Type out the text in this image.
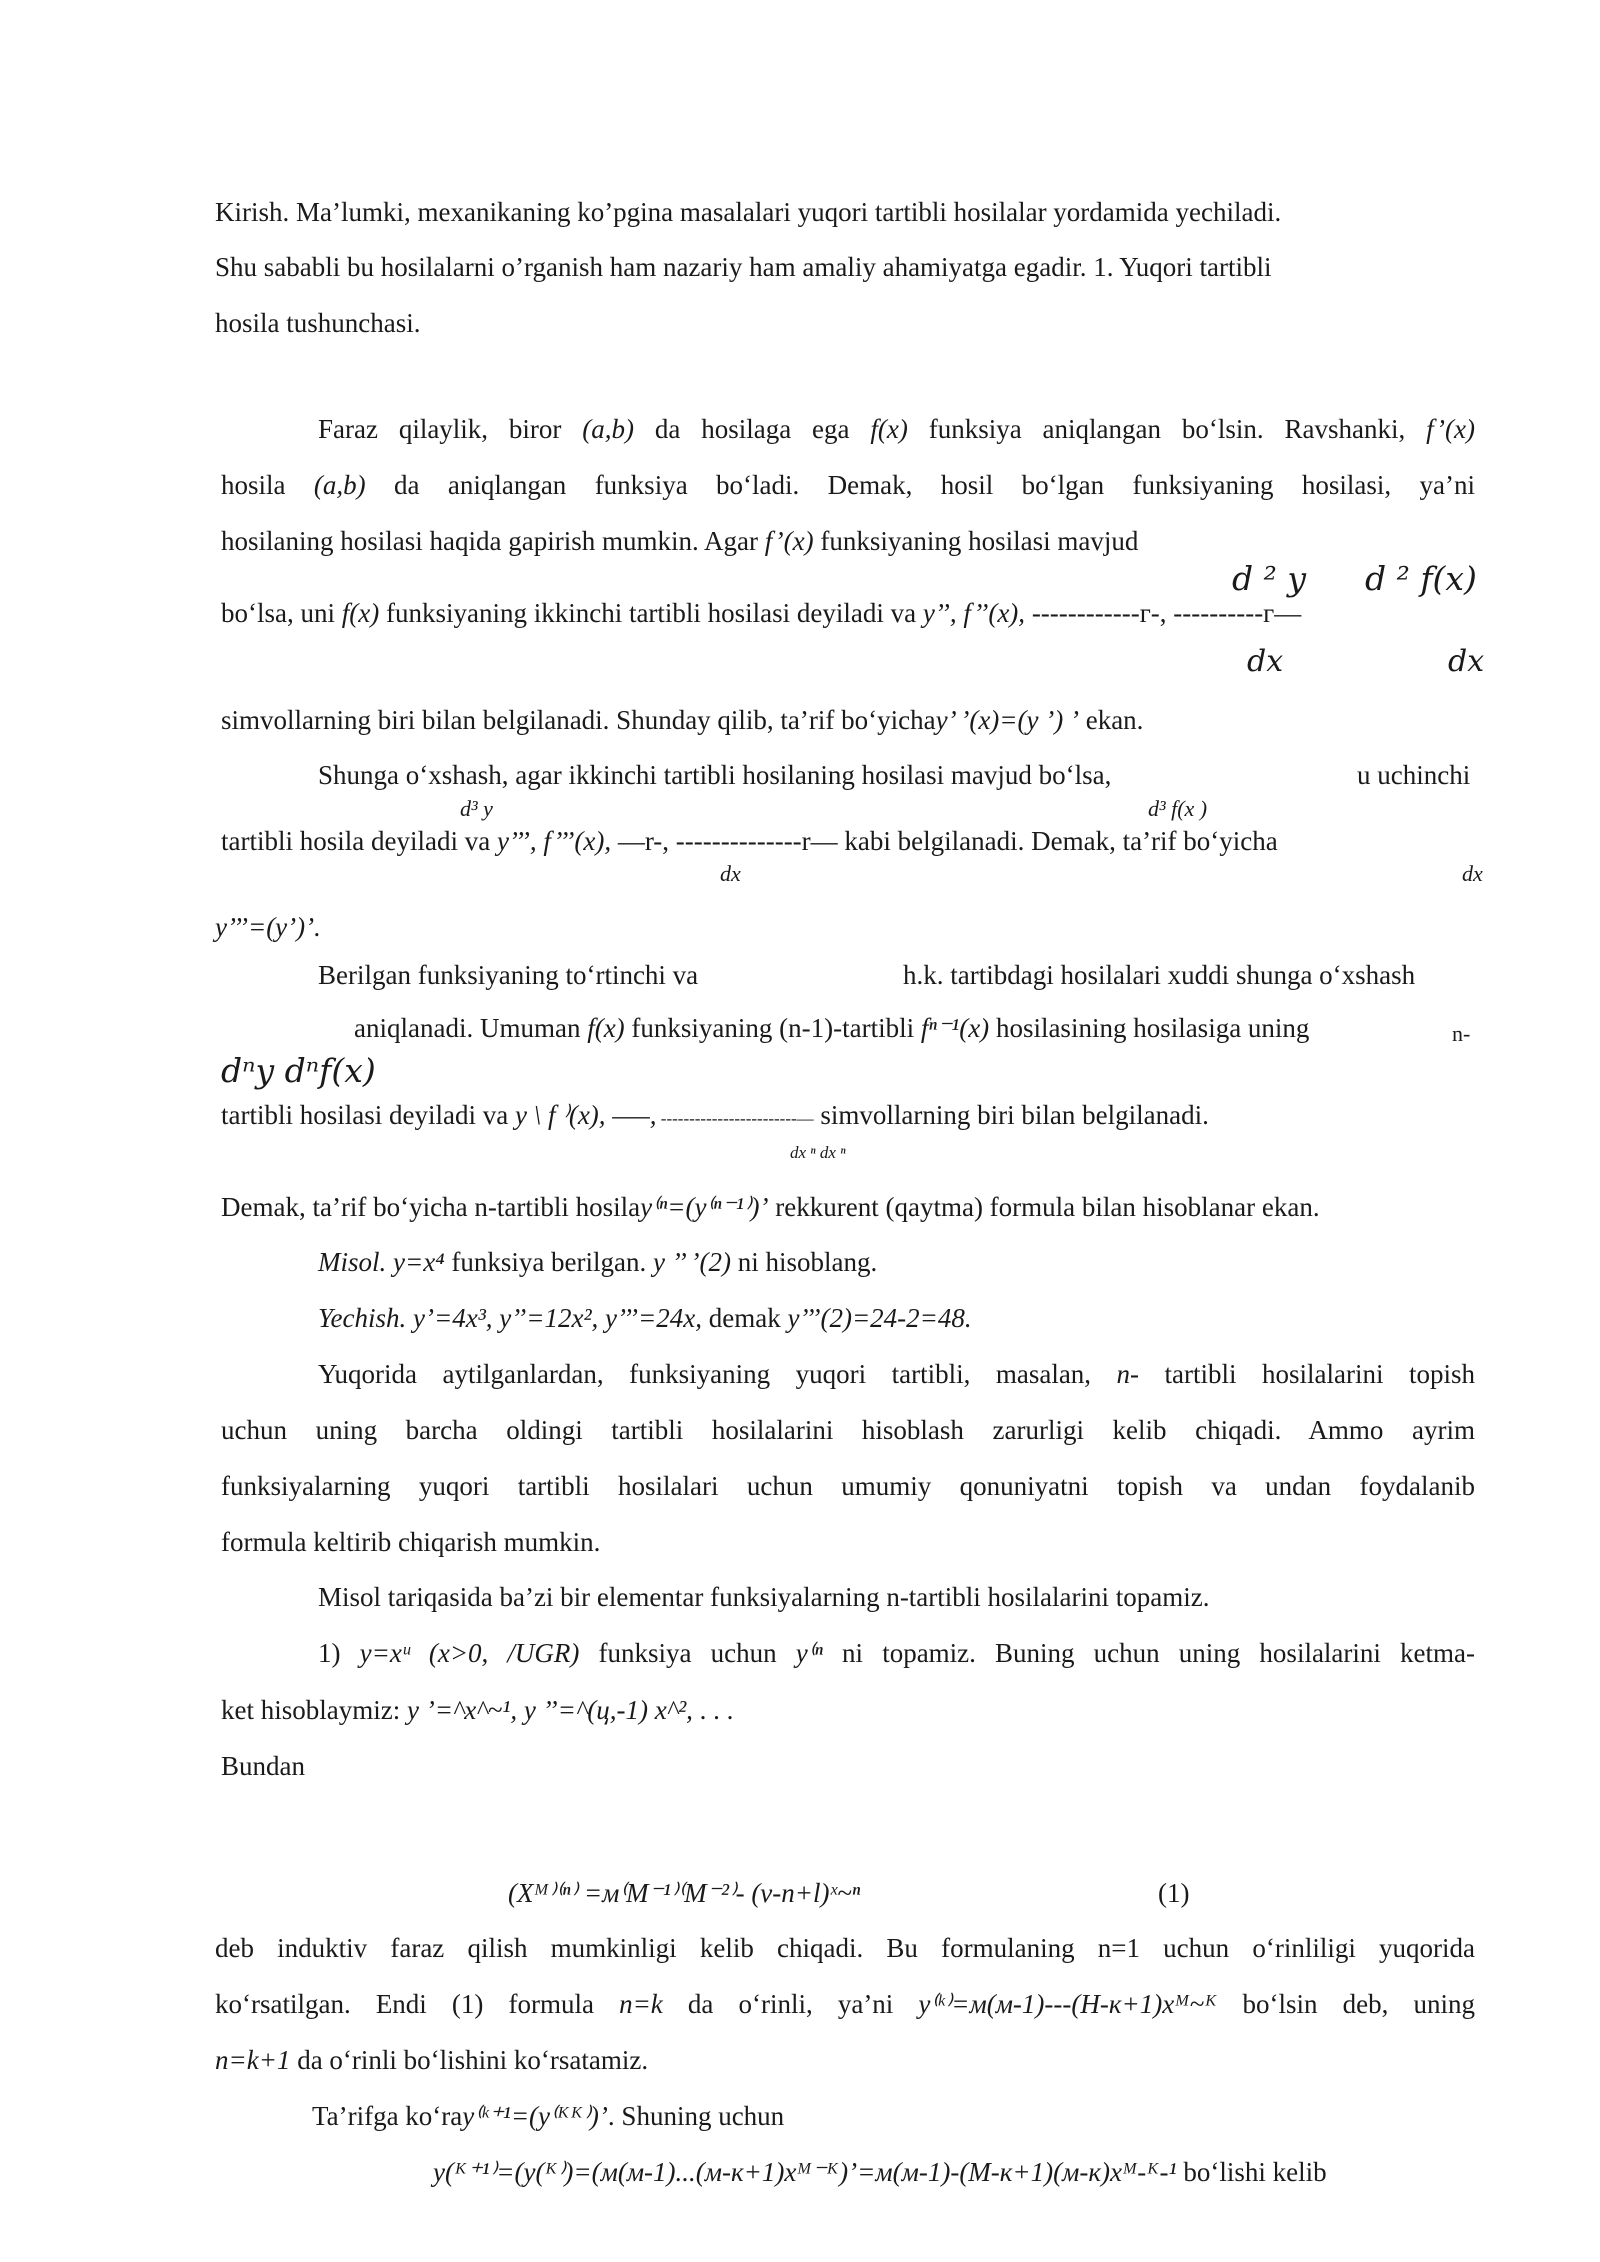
Kirish. Ma’lumki, mexanikaning ko’pgina masalalari yuqori tartibli hosilalar yordamida yechiladi.
Shu sababli bu hosilalarni o’rganish ham nazariy ham amaliy ahamiyatga egadir. 1. Yuqori tartibli
hosila tushunchasi.
Faraz qilaylik, biror (a,b) da hosilaga ega f(x) funksiya aniqlangan bo‘lsin. Ravshanki, f’(x)
hosila (a,b) da aniqlangan funksiya bo‘ladi. Demak, hosil bo‘lgan funksiyaning hosilasi, ya’ni
hosilaning hosilasi haqida gapirish mumkin. Agar f’(x) funksiyaning hosilasi mavjud
d ² y d ² f(x)
bo‘lsa, uni f(x) funksiyaning ikkinchi tartibli hosilasi deyiladi va y’’, f’’(x), ------------г-, ----------г—
dx	dx
simvollarning biri bilan belgilanadi. Shunday qilib, ta’rif bo‘yichay’ ’(x)=(y ’) ’ ekan.
Shunga o‘xshash, agar ikkinchi tartibli hosilaning hosilasi mavjud bo‘lsa,	u uchinchi
d³ y	d³ f(x )
tartibli hosila deyiladi va y’’’, f’’’(x), —r-, --------------r— kabi belgilanadi. Demak, ta’rif bo‘yicha
dx	dx
y’’’=(y’)’.
Berilgan funksiyaning to‘rtinchi va	h.k. tartibdagi hosilalari xuddi shunga o‘xshash
aniqlanadi. Umuman f(x) funksiyaning (n-1)-tartibli fⁿ⁻¹(x) hosilasining hosilasiga uning	n-
dⁿy dⁿf(x)
tartibli hosilasi deyiladi va y \ f ⁾(x), —–, ------------------------— simvollarning biri bilan belgilanadi.
dx ⁿ dx ⁿ
Demak, ta’rif bo‘yicha n-tartibli hosilay⁽ⁿ=(y⁽ⁿ⁻¹⁾)’ rekkurent (qaytma) formula bilan hisoblanar ekan.
Misol. y=x⁴ funksiya berilgan. y ’’ ’(2) ni hisoblang.
Yechish. y’=4x³, y’’=12x², y’’’=24x, demak y’’’(2)=24-2=48.
Yuqorida aytilganlardan, funksiyaning yuqori tartibli, masalan, n- tartibli hosilalarini topish
uchun uning barcha oldingi tartibli hosilalarini hisoblash zarurligi kelib chiqadi. Ammo ayrim
funksiyalarning yuqori tartibli hosilalari uchun umumiy qonuniyatni topish va undan foydalanib
formula keltirib chiqarish mumkin.
Misol tariqasida ba’zi bir elementar funksiyalarning n-tartibli hosilalarini topamiz.
1) y=xᵘ (x>0, /UGR) funksiya uchun y⁽ⁿ ni topamiz. Buning uchun uning hosilalarini ketma-
ket hisoblaymiz: y ’=^x^~¹, y ’’=^(ц,-1) x^², . . .
Bundan
(Xᴹ⁾⁽ⁿ⁾ =м⁽M⁻¹⁾⁽M⁻²⁾- (v-n+l)ˣ~ⁿ	(1)
deb induktiv faraz qilish mumkinligi kelib chiqadi. Bu formulaning n=1 uchun o‘rinliligi yuqorida
ko‘rsatilgan. Endi (1) formula n=k da o‘rinli, ya’ni y⁽ᵏ⁾=м(м-1)---(Н-к+1)xᴹ~ᴷ bo‘lsin deb, uning
n=k+1 da o‘rinli bo‘lishini ko‘rsatamiz.
Ta’rifga ko‘ray⁽ᵏ⁺¹=(y⁽ᴷᴷ⁾)’. Shuning uchun
y(ᴷ⁺¹⁾=(y(ᴷ⁾)=(м(м-1)...(м-к+1)xᴹ⁻ᴷ)’=м(м-1)-(M-к+1)(м-к)xᴹ-ᴷ-¹ bo‘lishi kelib
